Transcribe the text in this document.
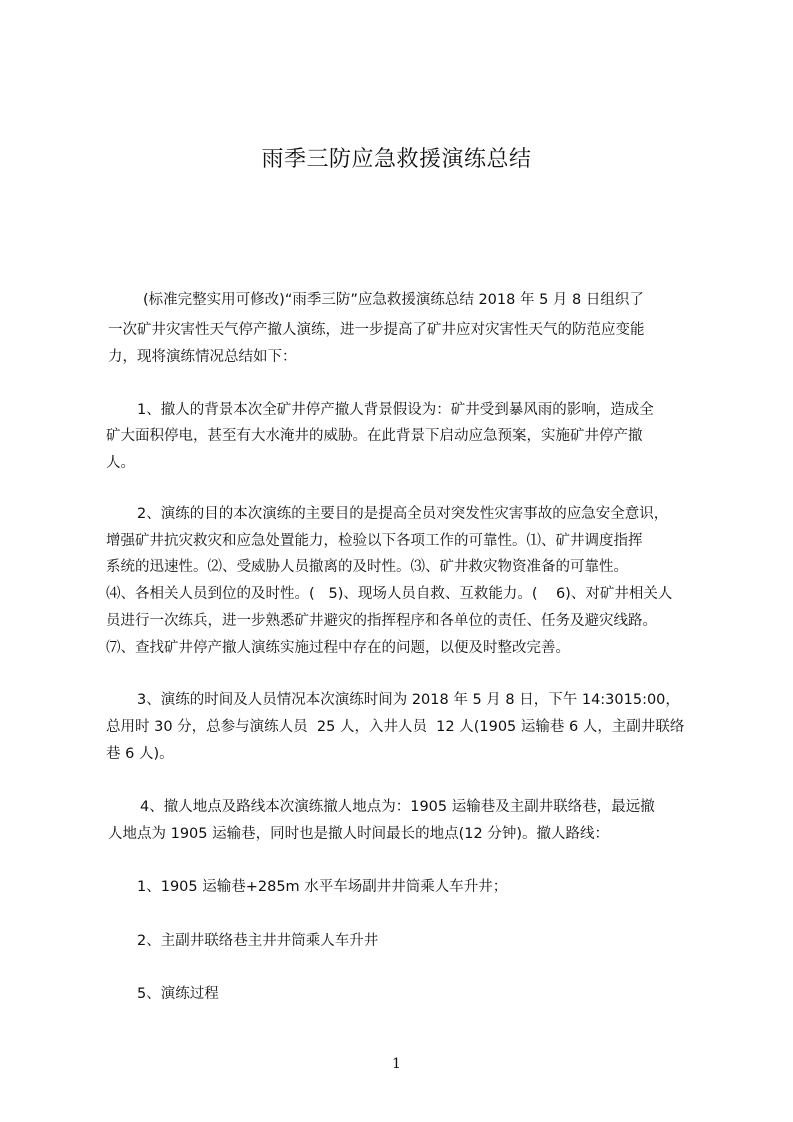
雨季三防应急救援演练总结
(标准完整实用可修改)“雨季三防”应急救援演练总结 2018 年 5 月 8 日组织了
一次矿井灾害性天气停产撤人演练，进一步提高了矿井应对灾害性天气的防范应变能
力，现将演练情况总结如下：
1、撤人的背景本次全矿井停产撤人背景假设为：矿井受到暴风雨的影响，造成全
矿大面积停电，甚至有大水淹井的威胁。在此背景下启动应急预案，实施矿井停产撤
人。
2、演练的目的本次演练的主要目的是提高全员对突发性灾害事故的应急安全意识，
增强矿井抗灾救灾和应急处置能力，检验以下各项工作的可靠性。⑴、矿井调度指挥
系统的迅速性。⑵、受威胁人员撤离的及时性。⑶、矿井救灾物资准备的可靠性。
⑷、各相关人员到位的及时性。(   5)、现场人员自救、互救能力。(    6)、对矿井相关人
员进行一次练兵，进一步熟悉矿井避灾的指挥程序和各单位的责任、任务及避灾线路。
⑺、查找矿井停产撤人演练实施过程中存在的问题，以便及时整改完善。
3、演练的时间及人员情况本次演练时间为 2018 年 5 月 8 日，下午 14:3015:00，
总用时 30 分，总参与演练人员  25 人，入井人员  12 人(1905 运输巷 6 人，主副井联络
巷 6 人)。
4、撤人地点及路线本次演练撤人地点为：1905 运输巷及主副井联络巷，最远撤
人地点为 1905 运输巷，同时也是撤人时间最长的地点(12 分钟)。撤人路线：
1、1905 运输巷+285m 水平车场副井井筒乘人车升井；
2、主副井联络巷主井井筒乘人车升井
5、演练过程
1
